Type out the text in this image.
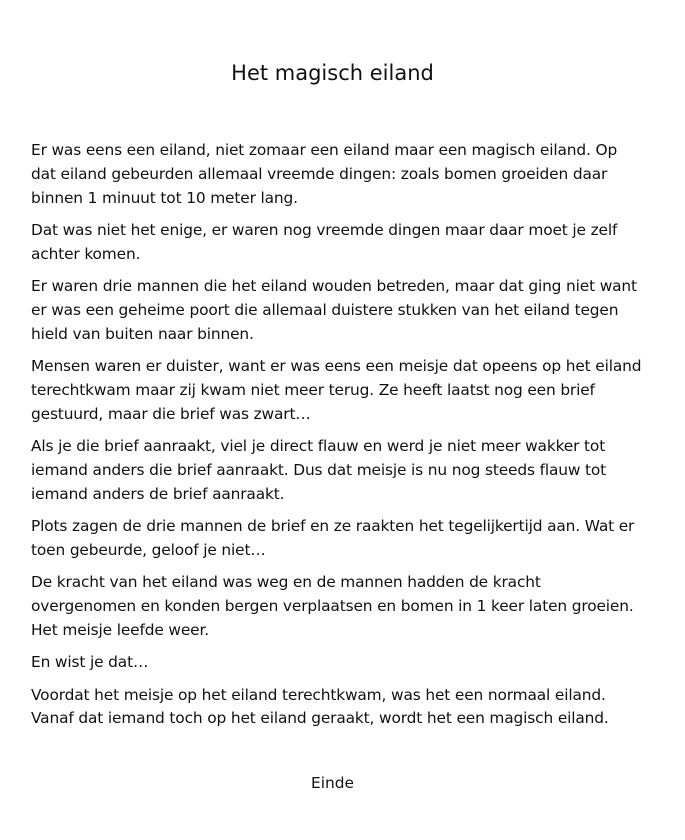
Het magisch eiland

Er was eens een eiland, niet zomaar een eiland maar een magisch eiland. Op dat eiland gebeurden allemaal vreemde dingen: zoals bomen groeiden daar binnen 1 minuut tot 10 meter lang.

Dat was niet het enige, er waren nog vreemde dingen maar daar moet je zelf achter komen.

Er waren drie mannen die het eiland wouden betreden, maar dat ging niet want er was een geheime poort die allemaal duistere stukken van het eiland tegen hield van buiten naar binnen.

Mensen waren er duister, want er was eens een meisje dat opeens op het eiland terechtkwam maar zij kwam niet meer terug. Ze heeft laatst nog een brief gestuurd, maar die brief was zwart…

Als je die brief aanraakt, viel je direct flauw en werd je niet meer wakker tot iemand anders die brief aanraakt. Dus dat meisje is nu nog steeds flauw tot iemand anders de brief aanraakt.

Plots zagen de drie mannen de brief en ze raakten het tegelijkertijd aan. Wat er toen gebeurde, geloof je niet…

De kracht van het eiland was weg en de mannen hadden de kracht overgenomen en konden bergen verplaatsen en bomen in 1 keer laten groeien. Het meisje leefde weer.

En wist je dat…

Voordat het meisje op het eiland terechtkwam, was het een normaal eiland. Vanaf dat iemand toch op het eiland geraakt, wordt het een magisch eiland.

Einde
